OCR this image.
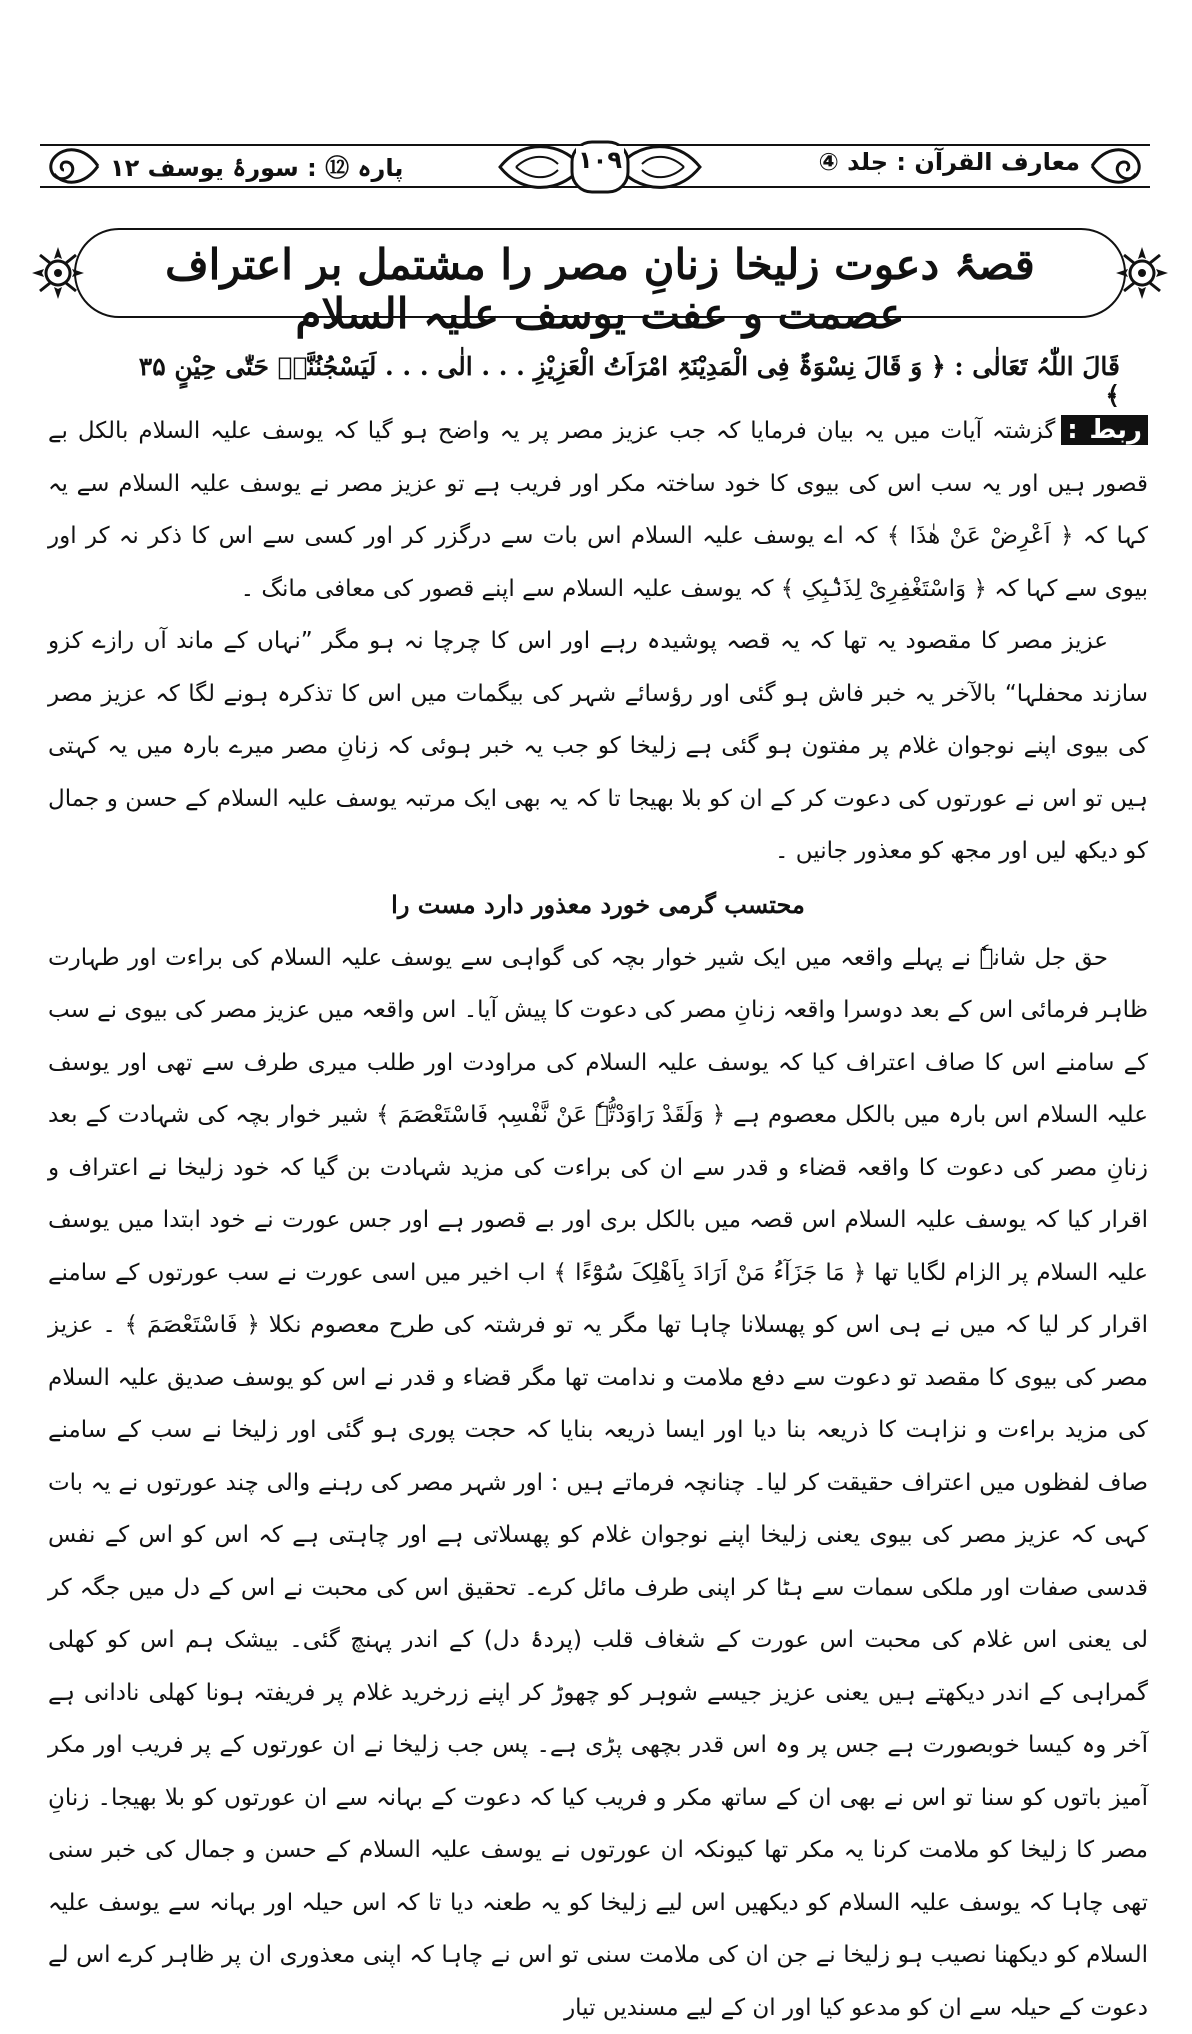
پارہ ⑫ : سورۂ یوسف ۱۲	معارف القرآن : جلد ④
۱۰۹
قصۂ دعوت زلیخا زنانِ مصر را مشتمل بر اعتراف عصمت و عفت یوسف علیہ السلام
قَالَ اللّٰہُ تَعَالٰی : ﴿ وَ قَالَ نِسْوَۃٌ فِی الْمَدِیْنَۃِ امْرَاَتُ الْعَزِیْزِ . . . الٰی . . . لَیَسْجُنُنَّہٗ حَتّٰی حِیْنٍ ۳۵ ﴾

ربط :گزشتہ آیات میں یہ بیان فرمایا کہ جب عزیز مصر پر یہ واضح ہو گیا کہ یوسف علیہ السلام بالکل بے قصور ہیں اور یہ سب اس کی بیوی کا خود ساختہ مکر اور فریب ہے تو عزیز مصر نے یوسف علیہ السلام سے یہ کہا کہ ﴿ اَعْرِضْ عَنْ ھٰذَا ﴾ کہ اے یوسف علیہ السلام اس بات سے درگزر کر اور کسی سے اس کا ذکر نہ کر اور بیوی سے کہا کہ ﴿ وَاسْتَغْفِرِیْ لِذَنْۢبِکِ ﴾ کہ یوسف علیہ السلام سے اپنے قصور کی معافی مانگ ۔

عزیز مصر کا مقصود یہ تھا کہ یہ قصہ پوشیدہ رہے اور اس کا چرچا نہ ہو مگر ”نہاں کے ماند آں رازے کزو سازند محفلہا“ بالآخر یہ خبر فاش ہو گئی اور رؤسائے شہر کی بیگمات میں اس کا تذکرہ ہونے لگا کہ عزیز مصر کی بیوی اپنے نوجوان غلام پر مفتون ہو گئی ہے زلیخا کو جب یہ خبر ہوئی کہ زنانِ مصر میرے بارہ میں یہ کہتی ہیں تو اس نے عورتوں کی دعوت کر کے ان کو بلا بھیجا تا کہ یہ بھی ایک مرتبہ یوسف علیہ السلام کے حسن و جمال کو دیکھ لیں اور مجھ کو معذور جانیں ۔

محتسب گرمی خورد معذور دارد مست را

حق جل شانہٗ نے پہلے واقعہ میں ایک شیر خوار بچہ کی گواہی سے یوسف علیہ السلام کی براءت اور طہارت ظاہر فرمائی اس کے بعد دوسرا واقعہ زنانِ مصر کی دعوت کا پیش آیا۔ اس واقعہ میں عزیز مصر کی بیوی نے سب کے سامنے اس کا صاف اعتراف کیا کہ یوسف علیہ السلام کی مراودت اور طلب میری طرف سے تھی اور یوسف علیہ السلام اس بارہ میں بالکل معصوم ہے ﴿ وَلَقَدْ رَاوَدْتُّہٗ عَنْ نَّفْسِہٖ فَاسْتَعْصَمَ ﴾ شیر خوار بچہ کی شہادت کے بعد زنانِ مصر کی دعوت کا واقعہ قضاء و قدر سے ان کی براءت کی مزید شہادت بن گیا کہ خود زلیخا نے اعتراف و اقرار کیا کہ یوسف علیہ السلام اس قصہ میں بالکل بری اور بے قصور ہے اور جس عورت نے خود ابتدا میں یوسف علیہ السلام پر الزام لگایا تھا ﴿ مَا جَزَآءُ مَنْ اَرَادَ بِاَھْلِکَ سُوْٓءًا ﴾ اب اخیر میں اسی عورت نے سب عورتوں کے سامنے اقرار کر لیا کہ میں نے ہی اس کو پھسلانا چاہا تھا مگر یہ تو فرشتہ کی طرح معصوم نکلا ﴿ فَاسْتَعْصَمَ ﴾ ۔ عزیز مصر کی بیوی کا مقصد تو دعوت سے دفع ملامت و ندامت تھا مگر قضاء و قدر نے اس کو یوسف صدیق علیہ السلام کی مزید براءت و نزاہت کا ذریعہ بنا دیا اور ایسا ذریعہ بنایا کہ حجت پوری ہو گئی اور زلیخا نے سب کے سامنے صاف لفظوں میں اعتراف حقیقت کر لیا۔ چنانچہ فرماتے ہیں : اور شہر مصر کی رہنے والی چند عورتوں نے یہ بات کہی کہ عزیز مصر کی بیوی یعنی زلیخا اپنے نوجوان غلام کو پھسلاتی ہے اور چاہتی ہے کہ اس کو اس کے نفس قدسی صفات اور ملکی سمات سے ہٹا کر اپنی طرف مائل کرے۔ تحقیق اس کی محبت نے اس کے دل میں جگہ کر لی یعنی اس غلام کی محبت اس عورت کے شغاف قلب (پردۂ دل) کے اندر پہنچ گئی۔ بیشک ہم اس کو کھلی گمراہی کے اندر دیکھتے ہیں یعنی عزیز جیسے شوہر کو چھوڑ کر اپنے زرخرید غلام پر فریفتہ ہونا کھلی نادانی ہے آخر وہ کیسا خوبصورت ہے جس پر وہ اس قدر بچھی پڑی ہے۔ پس جب زلیخا نے ان عورتوں کے پر فریب اور مکر آمیز باتوں کو سنا تو اس نے بھی ان کے ساتھ مکر و فریب کیا کہ دعوت کے بہانہ سے ان عورتوں کو بلا بھیجا۔ زنانِ مصر کا زلیخا کو ملامت کرنا یہ مکر تھا کیونکہ ان عورتوں نے یوسف علیہ السلام کے حسن و جمال کی خبر سنی تھی چاہا کہ یوسف علیہ السلام کو دیکھیں اس لیے زلیخا کو یہ طعنہ دیا تا کہ اس حیلہ اور بہانہ سے یوسف علیہ السلام کو دیکھنا نصیب ہو زلیخا نے جن ان کی ملامت سنی تو اس نے چاہا کہ اپنی معذوری ان پر ظاہر کرے اس لے دعوت کے حیلہ سے ان کو مدعو کیا اور ان کے لیے مسندیں تیار
